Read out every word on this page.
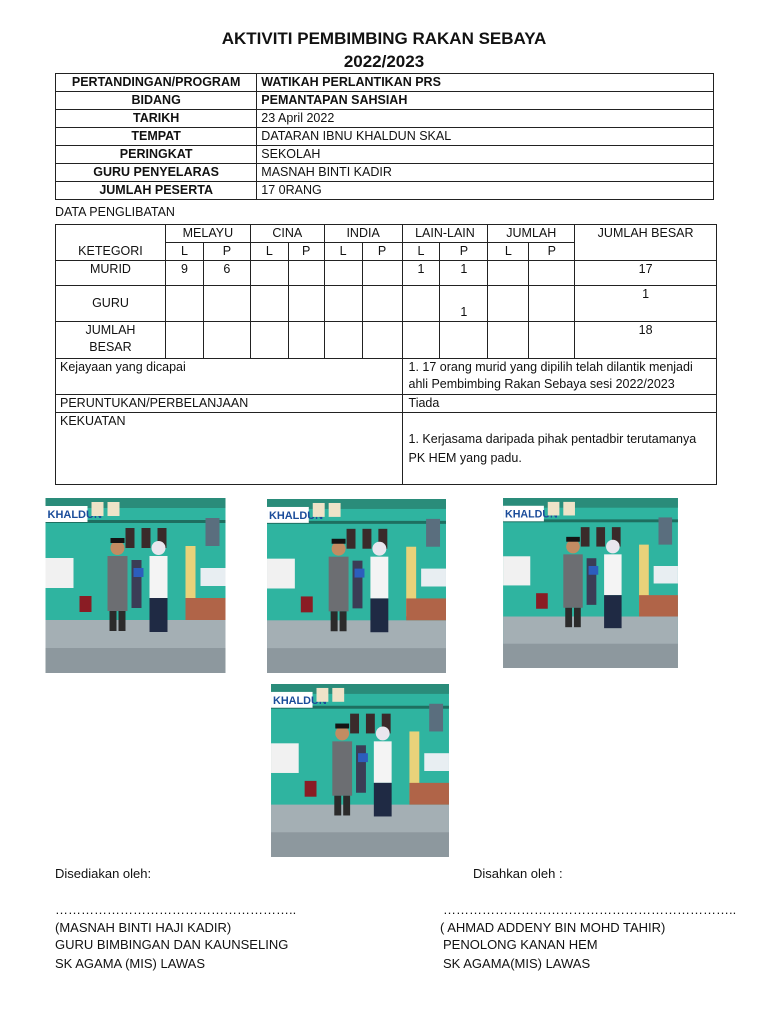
AKTIVITI PEMBIMBING RAKAN SEBAYA
2022/2023
PERTANDINGAN/PROGRAM	WATIKAH PERLANTIKAN PRS
BIDANG	PEMANTAPAN SAHSIAH
TARIKH	23 April 2022
TEMPAT	DATARAN IBNU KHALDUN SKAL
PERINGKAT	SEKOLAH
GURU PENYELARAS	MASNAH BINTI KADIR
JUMLAH PESERTA	17 0RANG
DATA PENGLIBATAN
KETEGORI	MELAYU		CINA		INDIA		LAIN-LAIN		JUMLAH		JUMLAH BESAR
	L	P	L	P	L	P	L	P	L	P	
MURID	9	6					1	1			17
GURU								1			1
JUMLAH BESAR											18
Kejayaan yang dicapai							1. 17 orang murid yang dipilih telah dilantik menjadi ahli Pembimbing Rakan Sebaya sesi 2022/2023				
PERUNTUKAN/PERBELANJAAN							Tiada				
KEKUATAN							1. Kerjasama daripada pihak pentadbir terutamanya PK HEM yang padu.				
Disediakan oleh:	Disahkan oleh :
………………………………………………..
(MASNAH BINTI HAJI KADIR)
GURU BIMBINGAN DAN KAUNSELING
SK AGAMA (MIS) LAWAS
…………………………………………………………..
( AHMAD ADDENY BIN MOHD TAHIR)
PENOLONG KANAN HEM
SK AGAMA(MIS) LAWAS
